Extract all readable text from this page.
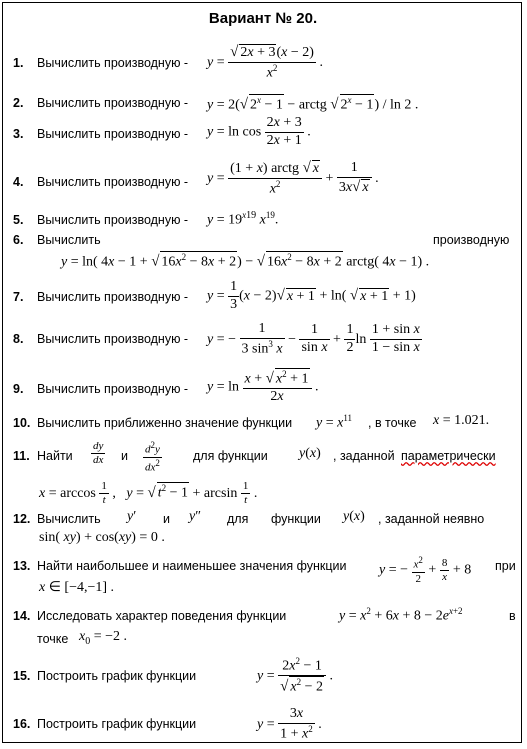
Вариант № 20.
1. Вычислить производную - $y = \frac{√ 2x + 3(x - 2)}{x^2}$ .
2. Вычислить производную - y = 2(√ $2^x - 1$ − arctg √ $2^x - 1) / \ln 2$ .
3. Вычислить производную - $y = \ln \cos \frac{2x + 3}{2x + 1}$ .
4. Вычислить производную - $y = \frac{\text{(1 + x) arctg √ x}}{x^2} + \frac{1}{3x√ x}$ .
5. Вычислить производную - $y = 19^{x19}$ $x^{19}$.
6. Вычислить	производную
y = ln( 4x − 1 + √ $16x^2 - 8x + 2$) − √ $16x^2 - 8x + 2$ arctg( 4x − 1) .
7. Вычислить производную - $y = \frac{1}{3} (x - 2)√$ x + 1 + ln( √ x + 1 + 1)
8. Вычислить производную - y = − $\frac{1}{3 \sin^3 x} - \frac{1}{\text{sin x}} + \frac{1}{2}$ $\ln \frac{\text{1 + sin x}}{\text{1 − sin x}}$
9. Вычислить производную - $y = \ln \frac{x + √ x^2 + 1}{2x}$ .
10. Вычислить приближенно значение функции $y = x^{11}$ , в точке x = 1.021.
11. Найти $\frac{dy}{dx}$ и $\frac{d^2y}{dx^2}$ для функции y(x) , заданной параметрически
$x = \arccos \frac{1}{t}$ ,   y = √ $t^2 - 1 + \arcsin \frac{1}{t}$ .
12. Вычислить y′ и y″ для функции y(x) , заданной неявно
sin( xy) + cos(xy) = 0 .
13. Найти наибольшее и наименьшее значения функции y = − $\frac{x^2}{2} + \frac{8}{x} + 8$ при
x ∈ [−4,−1] .
14. Исследовать характер поведения функции	$y = x^2 + 6x + 8 - 2e^{x+2}$	в
точке $x_0 = -2$ .
15. Построить график функции	$y = \frac{2x^2 - 1}{√ x^2 - 2}$ .
16. Построить график функции	$y = \frac{3x}{1 + x^2}$ .
